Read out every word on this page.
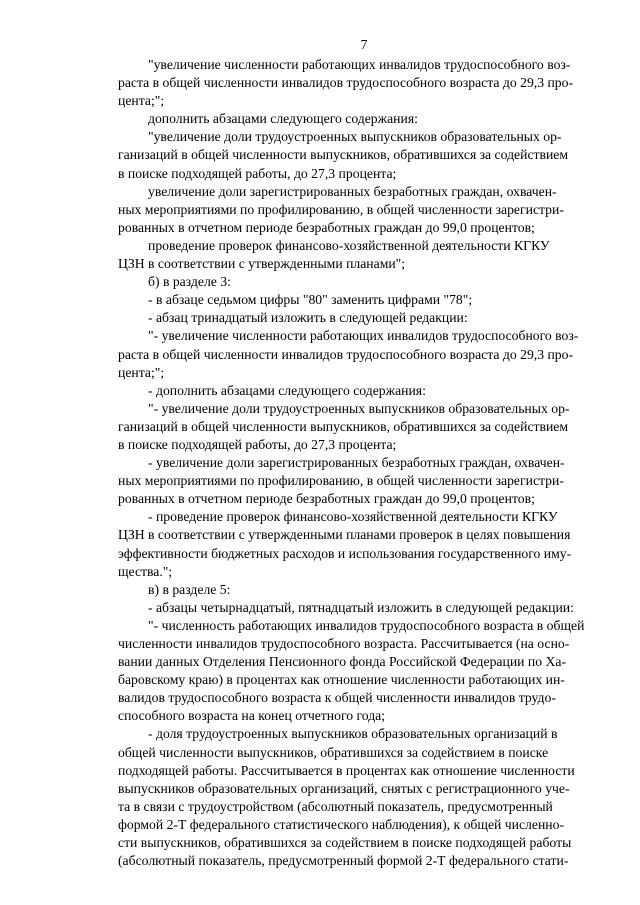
7

"увеличение численности работающих инвалидов трудоспособного воз-
раста в общей численности инвалидов трудоспособного возраста до 29,3 про-
цента;";

дополнить абзацами следующего содержания:

"увеличение доли трудоустроенных выпускников образовательных ор-
ганизаций в общей численности выпускников, обратившихся за содействием
в поиске подходящей работы, до 27,3 процента;

увеличение доли зарегистрированных безработных граждан, охвачен-
ных мероприятиями по профилированию, в общей численности зарегистри-
рованных в отчетном периоде безработных граждан до 99,0 процентов;

проведение проверок финансово-хозяйственной деятельности КГКУ
ЦЗН в соответствии с утвержденными планами";

б) в разделе 3:

- в абзаце седьмом цифры "80" заменить цифрами "78";

- абзац тринадцатый изложить в следующей редакции:

"- увеличение численности работающих инвалидов трудоспособного воз-
раста в общей численности инвалидов трудоспособного возраста до 29,3 про-
цента;";

- дополнить абзацами следующего содержания:

"- увеличение доли трудоустроенных выпускников образовательных ор-
ганизаций в общей численности выпускников, обратившихся за содействием
в поиске подходящей работы, до 27,3 процента;

- увеличение доли зарегистрированных безработных граждан, охвачен-
ных мероприятиями по профилированию, в общей численности зарегистри-
рованных в отчетном периоде безработных граждан до 99,0 процентов;

- проведение проверок финансово-хозяйственной деятельности КГКУ
ЦЗН в соответствии с утвержденными планами проверок в целях повышения
эффективности бюджетных расходов и использования государственного иму-
щества.";

в) в разделе 5:

- абзацы четырнадцатый, пятнадцатый изложить в следующей редакции:

"- численность работающих инвалидов трудоспособного возраста в общей
численности инвалидов трудоспособного возраста. Рассчитывается (на осно-
вании данных Отделения Пенсионного фонда Российской Федерации по Ха-
баровскому краю) в процентах как отношение численности работающих ин-
валидов трудоспособного возраста к общей численности инвалидов трудо-
способного возраста на конец отчетного года;

- доля трудоустроенных выпускников образовательных организаций в
общей численности выпускников, обратившихся за содействием в поиске
подходящей работы. Рассчитывается в процентах как отношение численности
выпускников образовательных организаций, снятых с регистрационного уче-
та в связи с трудоустройством (абсолютный показатель, предусмотренный
формой 2-Т федерального статистического наблюдения), к общей численно-
сти выпускников, обратившихся за содействием в поиске подходящей работы
(абсолютный показатель, предусмотренный формой 2-Т федерального стати-
